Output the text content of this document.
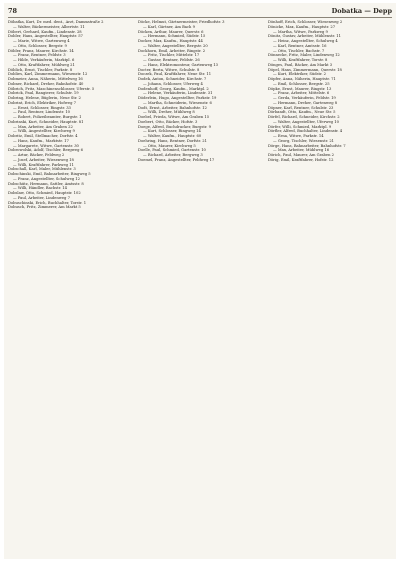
78	Dobatka — Depp
Döbatka, Kurt, Dr. med. dent., Arzt, Dammstraße 2
— Walter, Bäckermeister, Albertstr. 11
Döbert, Gerhard, Kaufm., Lindenstr. 28
Dobler, Hans, Angestellter, Hauptstr. 57
— Marie, Witwe, Gartenweg 4
— Otto, Schlosser, Bergstr. 9
Döbler, Franz, Maurer, Kirchstr. 14
— Franz, Rentner, Feldstr. 3
— Hilde, Verkäuferin, Marktpl. 6
— Otto, Kraftfahrer, Mühlweg 21
Döblich, Ernst, Tischler, Parkstr. 8
Doblies, Karl, Zimmermann, Wiesenstr. 12
Dobmeier, Anna, Näherin, Mittelweg 16
Dobner, Richard, Dreher, Bahnhofstr. 40
Döbrich, Fritz, Maschinenschlosser, Uferstr. 5
Dobrick, Paul, Rangierer, Schulstr. 19
Dobring, Helene, Büglerin, Neue Str. 2
Dobrint, Erich, Elektriker, Hofweg 7
— Ernst, Schlosser, Ringstr. 33
— Paul, Rentner, Lindenstr. 10
— Robert, Polizeibeamter, Burgstr. 1
Dobrinski, Kurt, Schneider, Hauptstr. 81
— Max, Arbeiter, Am Graben 22
— Willi, Angestellter, Kirchweg 9
Dobritz, Emil, Stellmacher, Dorfstr. 4
— Hans, Kaufm., Marktstr. 17
— Margarete, Witwe, Gartenstr. 30
Dobrowolski, Adolf, Tischler, Bergweg 6
— Artur, Bäcker, Feldweg 2
— Josef, Arbeiter, Wiesenweg 18
— Willi, Kraftfahrer, Parkweg 11
Dobschall, Karl, Maler, Mühlenstr. 3
Dobschinski, Emil, Bahnarbeiter, Ringweg 5
— Franz, Angestellter, Schulweg 12
Dobschütz, Hermann, Sattler, Amtsstr. 8
— Willi, Händler, Bachstr. 14
Dobslaw, Otto, Schmied, Hauptstr. 102
— Paul, Arbeiter, Lindenweg 7
Dobuschinski, Erich, Buchhalter, Torstr. 1
Dobusch, Fritz, Zimmerer, Am Markt 5
Döcke, Helmut, Gärtnermeister, Friedhofstr. 3
— Karl, Gärtner, Am Bach 9
Döcken, Arthur, Maurer, Querstr. 6
— Hermann, Schmied, Südstr. 15
Docker, Max, Kaufm., Hauptstr. 44
— Walter, Angestellter, Bergstr. 20
Dockhorn, Emil, Arbeiter, Ringstr. 2
— Fritz, Tischler, Mittelstr. 17
— Gustav, Rentner, Feldstr. 26
— Hans, Elektromonteur, Gartenweg 13
Docter, Berta, Witwe, Schulstr. 8
Doczek, Paul, Kraftfahrer, Neue Str. 11
Dodek, Anton, Schneider, Kirchstr. 7
— Johann, Schlosser, Uferweg 4
Dodenhoff, Georg, Kaufm., Marktpl. 2
— Helene, Verkäuferin, Lindenstr. 31
Döderlein, Hugo, Angestellter, Parkstr. 19
— Martha, Schneiderin, Wiesenstr. 6
Dodt, Ernst, Arbeiter, Bahnhofstr. 12
— Willi, Dreher, Mühlweg 8
Doebel, Frieda, Witwe, Am Graben 15
Doebert, Otto, Bäcker, Hofstr. 3
Doege, Alfred, Buchdrucker, Burgstr. 9
— Kurt, Schlosser, Ringweg 14
— Walter, Kaufm., Hauptstr. 60
Doehring, Hans, Rentner, Dorfstr. 21
— Otto, Maurer, Kirchweg 5
Doelle, Paul, Schmied, Gartenstr. 10
— Richard, Arbeiter, Bergweg 3
Doemel, Franz, Angestellter, Feldweg 17
Dönhoff, Erich, Schlosser, Wiesenweg 2
Dönicke, Max, Kaufm., Hauptstr. 27
— Martha, Witwe, Parkweg 9
Dönitz, Gustav, Arbeiter, Mühlenstr. 11
— Heinz, Angestellter, Schulweg 4
— Karl, Rentner, Amtsstr. 16
— Otto, Tischler, Bachstr. 7
Dönnecke, Fritz, Maler, Lindenweg 12
— Willi, Kraftfahrer, Torstr. 8
Dönges, Paul, Bäcker, Am Markt 3
Döpel, Hans, Zimmermann, Querstr. 18
— Kurt, Elektriker, Südstr. 2
Döpfer, Anna, Näherin, Hauptstr. 71
— Emil, Schlosser, Bergstr. 25
Döpke, Ernst, Maurer, Ringstr. 13
— Franz, Arbeiter, Mittelstr. 6
— Gerda, Verkäuferin, Feldstr. 19
— Hermann, Dreher, Gartenweg 8
Döpner, Karl, Rentner, Schulstr. 23
Dörbandt, Otto, Kaufm., Neue Str. 5
Dörfel, Richard, Schneider, Kirchstr. 2
— Walter, Angestellter, Uferweg 10
Dörfer, Willi, Schmied, Marktpl. 9
Dörfler, Alfred, Buchhalter, Lindenstr. 4
— Erna, Witwe, Parkstr. 14
— Georg, Tischler, Wiesenstr. 21
Dörge, Hans, Bahnarbeiter, Bahnhofstr. 7
— Max, Arbeiter, Mühlweg 16
Dörich, Paul, Maurer, Am Graben 2
Dörig, Emil, Kraftfahrer, Hofstr. 12
